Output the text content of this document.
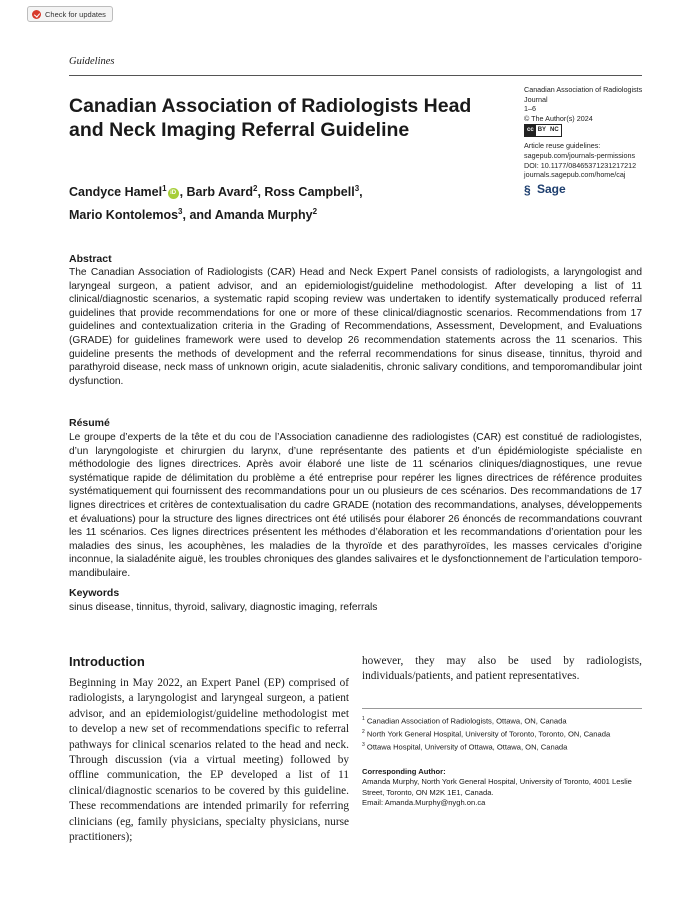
Check for updates
Guidelines
Canadian Association of Radiologists Head and Neck Imaging Referral Guideline
Candyce Hamel$^1$iD , Barb Avard$^2$, Ross Campbell$^3$,
Mario Kontolemos$^3$, and Amanda Murphy$^2$
Canadian Association of Radiologists Journal
1–6
© The Author(s) 2024
cc BY NC
Article reuse guidelines:
sagepub.com/journals-permissions
DOI: 10.1177/08465371231217212
journals.sagepub.com/home/caj
§ Sage
Abstract

The Canadian Association of Radiologists (CAR) Head and Neck Expert Panel consists of radiologists, a laryngologist and laryngeal surgeon, a patient advisor, and an epidemiologist/guideline methodologist. After developing a list of 11 clinical/diagnostic scenarios, a systematic rapid scoping review was undertaken to identify systematically produced referral guidelines that provide recommendations for one or more of these clinical/diagnostic scenarios. Recommendations from 17 guidelines and contextualization criteria in the Grading of Recommendations, Assessment, Development, and Evaluations (GRADE) for guidelines framework were used to develop 26 recommendation statements across the 11 scenarios. This guideline presents the methods of development and the referral recommendations for sinus disease, tinnitus, thyroid and parathyroid disease, neck mass of unknown origin, acute sialadenitis, chronic salivary conditions, and temporomandibular joint dysfunction.

Résumé

Le groupe d’experts de la tête et du cou de l’Association canadienne des radiologistes (CAR) est constitué de radiologistes, d’un laryngologiste et chirurgien du larynx, d’une représentante des patients et d’un épidémiologiste spécialiste en méthodologie des lignes directrices. Après avoir élaboré une liste de 11 scénarios cliniques/diagnostiques, une revue systématique rapide de délimitation du problème a été entreprise pour repérer les lignes directrices de référence produites systématiquement qui fournissent des recommandations pour un ou plusieurs de ces scénarios. Des recommandations de 17 lignes directrices et critères de contextualisation du cadre GRADE (notation des recommandations, analyses, développements et évaluations) pour la structure des lignes directrices ont été utilisés pour élaborer 26 énoncés de recommandations couvrant les 11 scénarios. Ces lignes directrices présentent les méthodes d’élaboration et les recommandations d’orientation pour les maladies des sinus, les acouphènes, les maladies de la thyroïde et des parathyroïdes, les masses cervicales d’origine inconnue, la sialadénite aiguë, les troubles chroniques des glandes salivaires et le dysfonctionnement de l’articulation temporo-mandibulaire.

Keywords

sinus disease, tinnitus, thyroid, salivary, diagnostic imaging, referrals

Introduction

Beginning in May 2022, an Expert Panel (EP) comprised of radiologists, a laryngologist and laryngeal surgeon, a patient advisor, and an epidemiologist/guideline methodologist met to develop a new set of recommendations specific to referral pathways for clinical scenarios related to the head and neck. Through discussion (via a virtual meeting) followed by offline communication, the EP developed a list of 11 clinical/diagnostic scenarios to be covered by this guideline. These recommendations are intended primarily for referring clinicians (eg, family physicians, specialty physicians, nurse practitioners);

however, they may also be used by radiologists, individuals/patients, and patient representatives.

$^1$ Canadian Association of Radiologists, Ottawa, ON, Canada
$^2$ North York General Hospital, University of Toronto, Toronto, ON, Canada
$^3$ Ottawa Hospital, University of Ottawa, Ottawa, ON, Canada
Corresponding Author:
Amanda Murphy, North York General Hospital, University of Toronto, 4001 Leslie Street, Toronto, ON M2K 1E1, Canada.
Email: Amanda.Murphy@nygh.on.ca
